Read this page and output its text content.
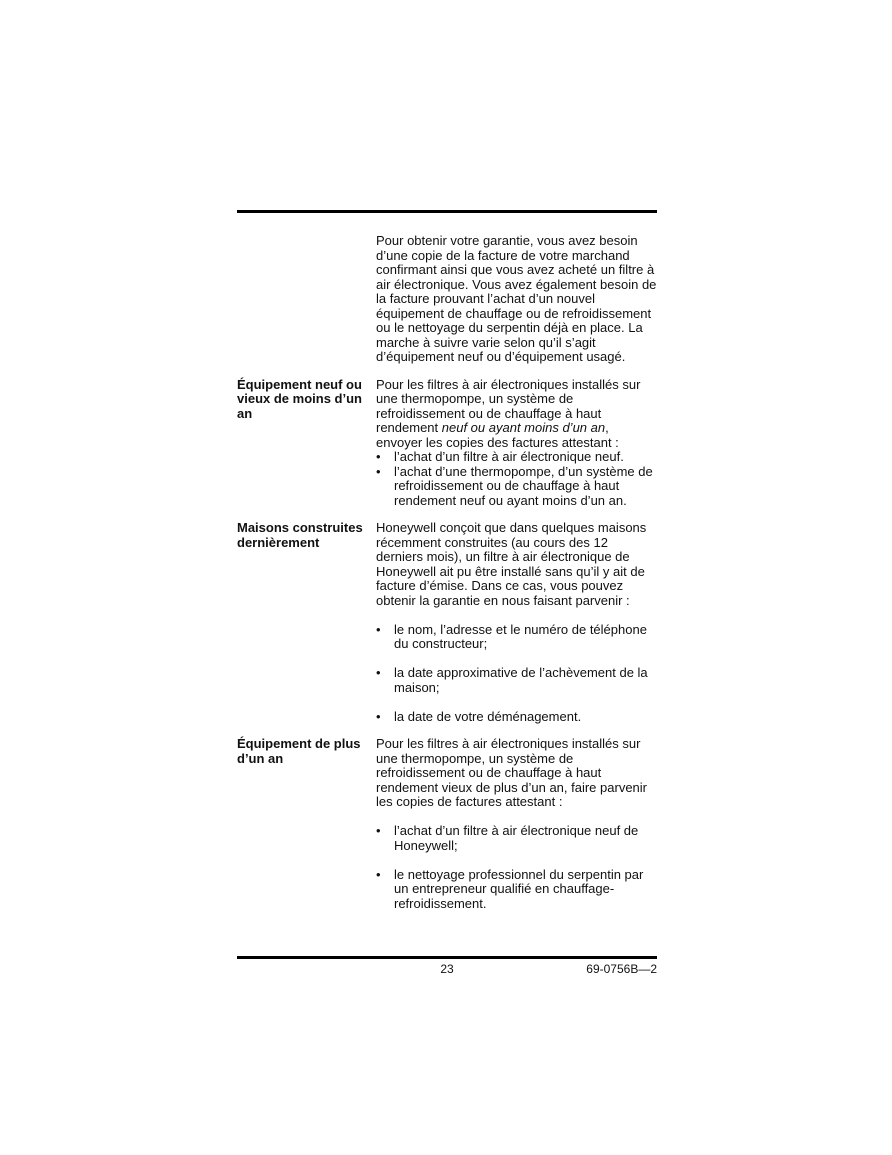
Pour obtenir votre garantie, vous avez besoin d’une copie de la facture de votre marchand confirmant ainsi que vous avez acheté un filtre à air électronique. Vous avez également besoin de la facture prouvant l’achat d’un nouvel équipement de chauffage ou de refroidissement ou le nettoyage du serpentin déjà en place. La marche à suivre varie selon qu’il s’agit d’équipement neuf ou d’équipement usagé.

Équipement neuf ou vieux de moins d’un an

Pour les filtres à air électroniques installés sur une thermopompe, un système de refroidissement ou de chauffage à haut rendement neuf ou ayant moins d’un an, envoyer les copies des factures attestant :

• l’achat d’un filtre à air électronique neuf.
• l’achat d’une thermopompe, d’un système de refroidissement ou de chauffage à haut rendement neuf ou ayant moins d’un an.
Maisons construites dernièrement

Honeywell conçoit que dans quelques maisons récemment construites (au cours des 12 derniers mois), un filtre à air électronique de Honeywell ait pu être installé sans qu’il y ait de facture d’émise. Dans ce cas, vous pouvez obtenir la garantie en nous faisant parvenir :

• le nom, l’adresse et le numéro de téléphone du constructeur;
• la date approximative de l’achèvement de la maison;
• la date de votre déménagement.
Équipement de plus d’un an

Pour les filtres à air électroniques installés sur une thermopompe, un système de refroidissement ou de chauffage à haut rendement vieux de plus d’un an, faire parvenir les copies de factures attestant :

• l’achat d’un filtre à air électronique neuf de Honeywell;
• le nettoyage professionnel du serpentin par un entrepreneur qualifié en chauffage-refroidissement.
23	69-0756B—2
